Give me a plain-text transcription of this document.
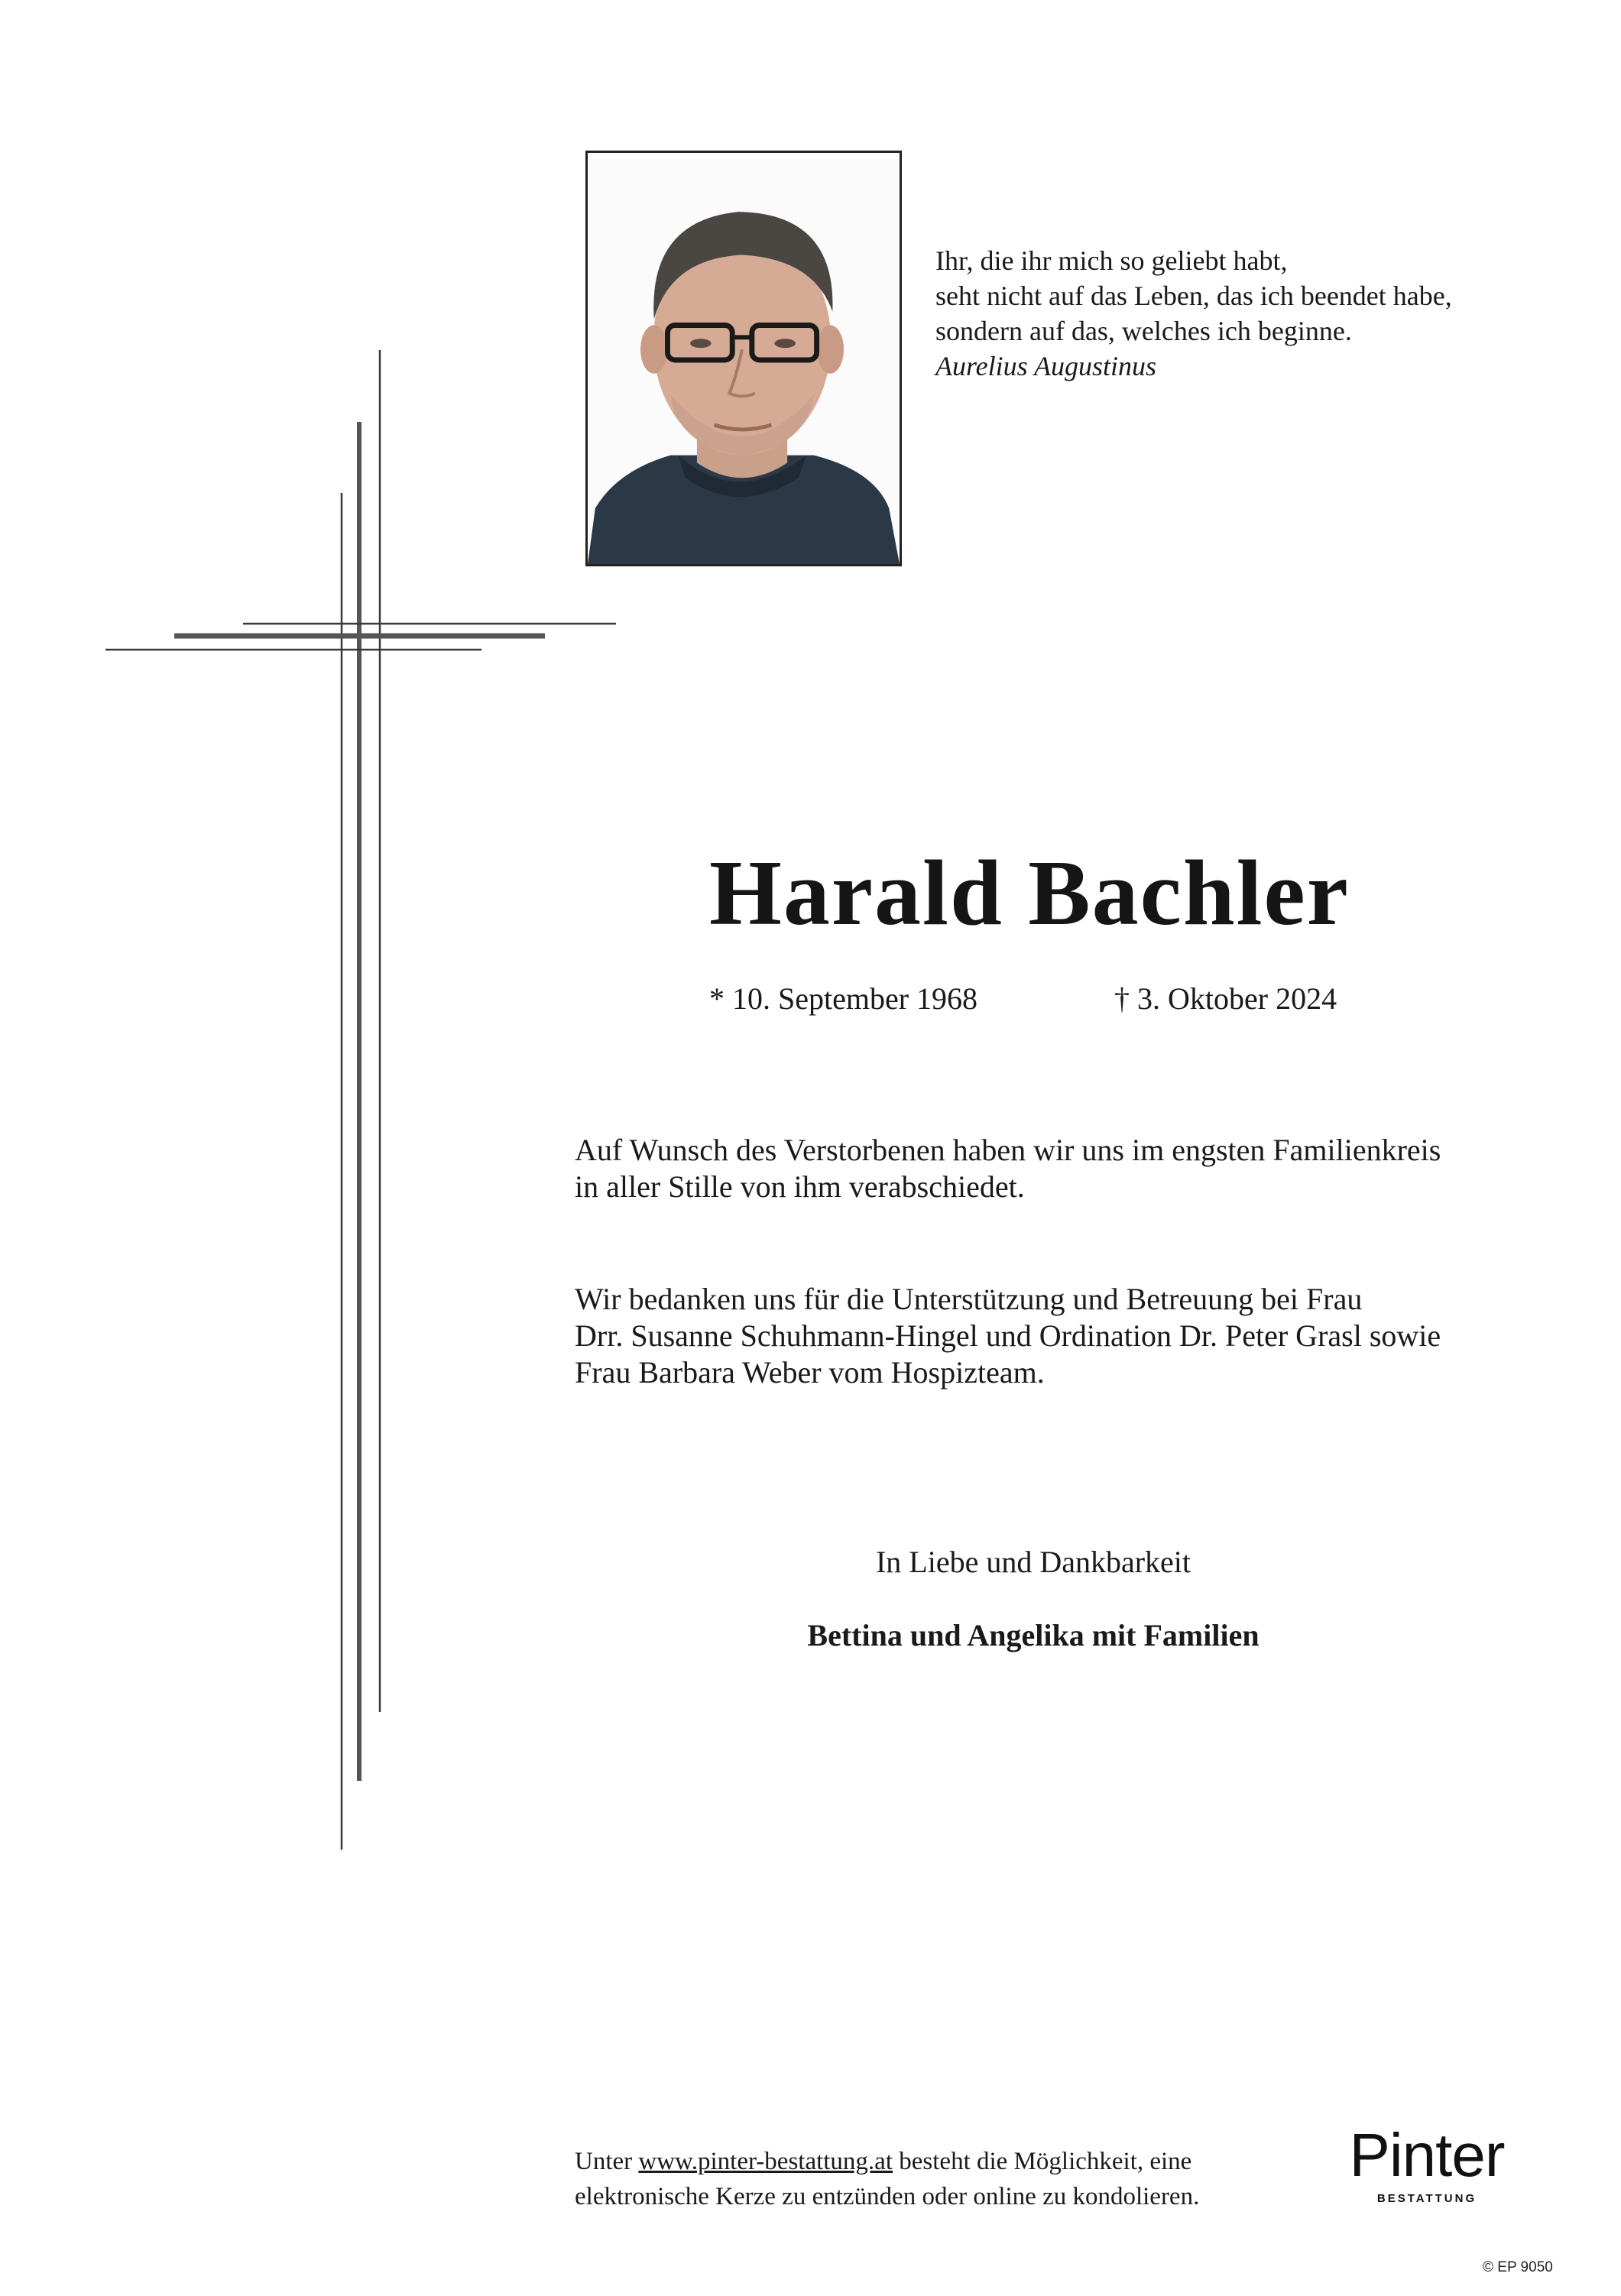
Ihr, die ihr mich so geliebt habt,
seht nicht auf das Leben, das ich beendet habe,
sondern auf das, welches ich beginne.
Aurelius Augustinus
Harald Bachler
* 10. September 1968	† 3. Oktober 2024
Auf Wunsch des Verstorbenen haben wir uns im engsten Familienkreis
in aller Stille von ihm verabschiedet.
Wir bedanken uns für die Unterstützung und Betreuung bei Frau
Drr. Susanne Schuhmann-Hingel und Ordination Dr. Peter Grasl sowie
Frau Barbara Weber vom Hospizteam.
In Liebe und Dankbarkeit
Bettina und Angelika mit Familien
Unter www.pinter-bestattung.at besteht die Möglichkeit, eine
elektronische Kerze zu entzünden oder online zu kondolieren.
Pinter
BESTATTUNG
© EP 9050
